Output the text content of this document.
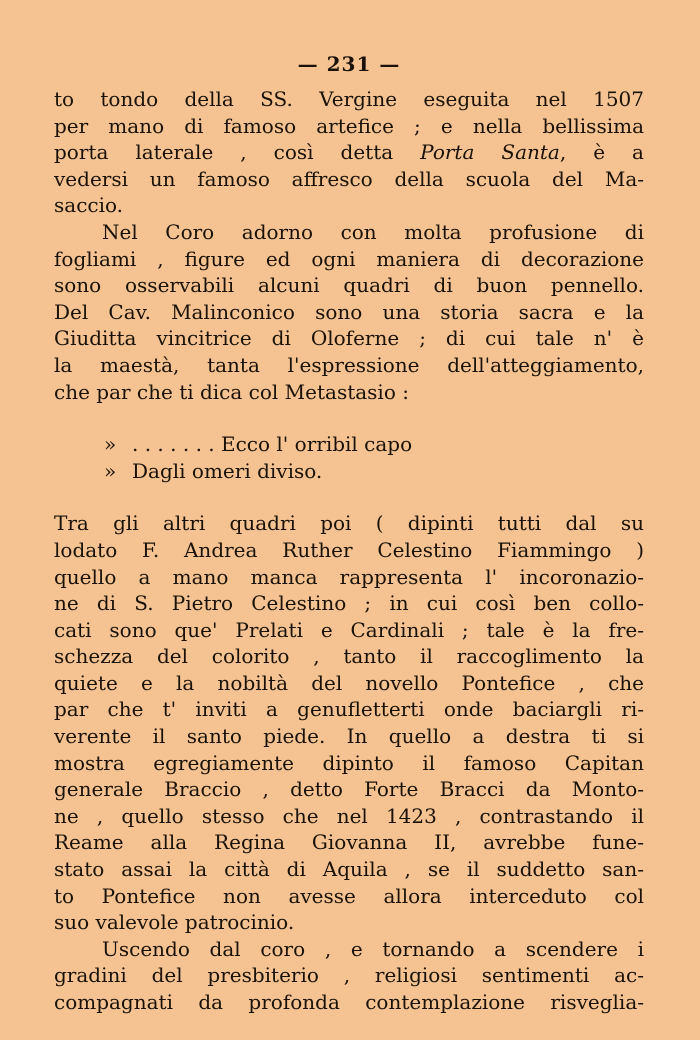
— 231 —
to tondo della SS. Vergine eseguita nel 1507
per mano di famoso artefice ; e nella bellissima
porta laterale , così detta Porta Santa, è a
vedersi un famoso affresco della scuola del Ma-
saccio.
Nel Coro adorno con molta profusione di
fogliami , figure ed ogni maniera di decorazione
sono osservabili alcuni quadri di buon pennello.
Del Cav. Malinconico sono una storia sacra e la
Giuditta vincitrice di Oloferne ; di cui tale n' è
la maestà, tanta l'espressione dell'atteggiamento,
che par che ti dica col Metastasio :
» . . . . . . . Ecco l' orribil capo
» Dagli omeri diviso.
Tra gli altri quadri poi ( dipinti tutti dal su
lodato F. Andrea Ruther Celestino Fiammingo )
quello a mano manca rappresenta l' incoronazio-
ne di S. Pietro Celestino ; in cui così ben collo-
cati sono que' Prelati e Cardinali ; tale è la fre-
schezza del colorito , tanto il raccoglimento la
quiete e la nobiltà del novello Pontefice , che
par che t' inviti a genufletterti onde baciargli ri-
verente il santo piede. In quello a destra ti si
mostra egregiamente dipinto il famoso Capitan
generale Braccio , detto Forte Bracci da Monto-
ne , quello stesso che nel 1423 , contrastando il
Reame alla Regina Giovanna II, avrebbe fune-
stato assai la città di Aquila , se il suddetto san-
to Pontefice non avesse allora interceduto col
suo valevole patrocinio.
Uscendo dal coro , e tornando a scendere i
gradini del presbiterio , religiosi sentimenti ac-
compagnati da profonda contemplazione risveglia-
